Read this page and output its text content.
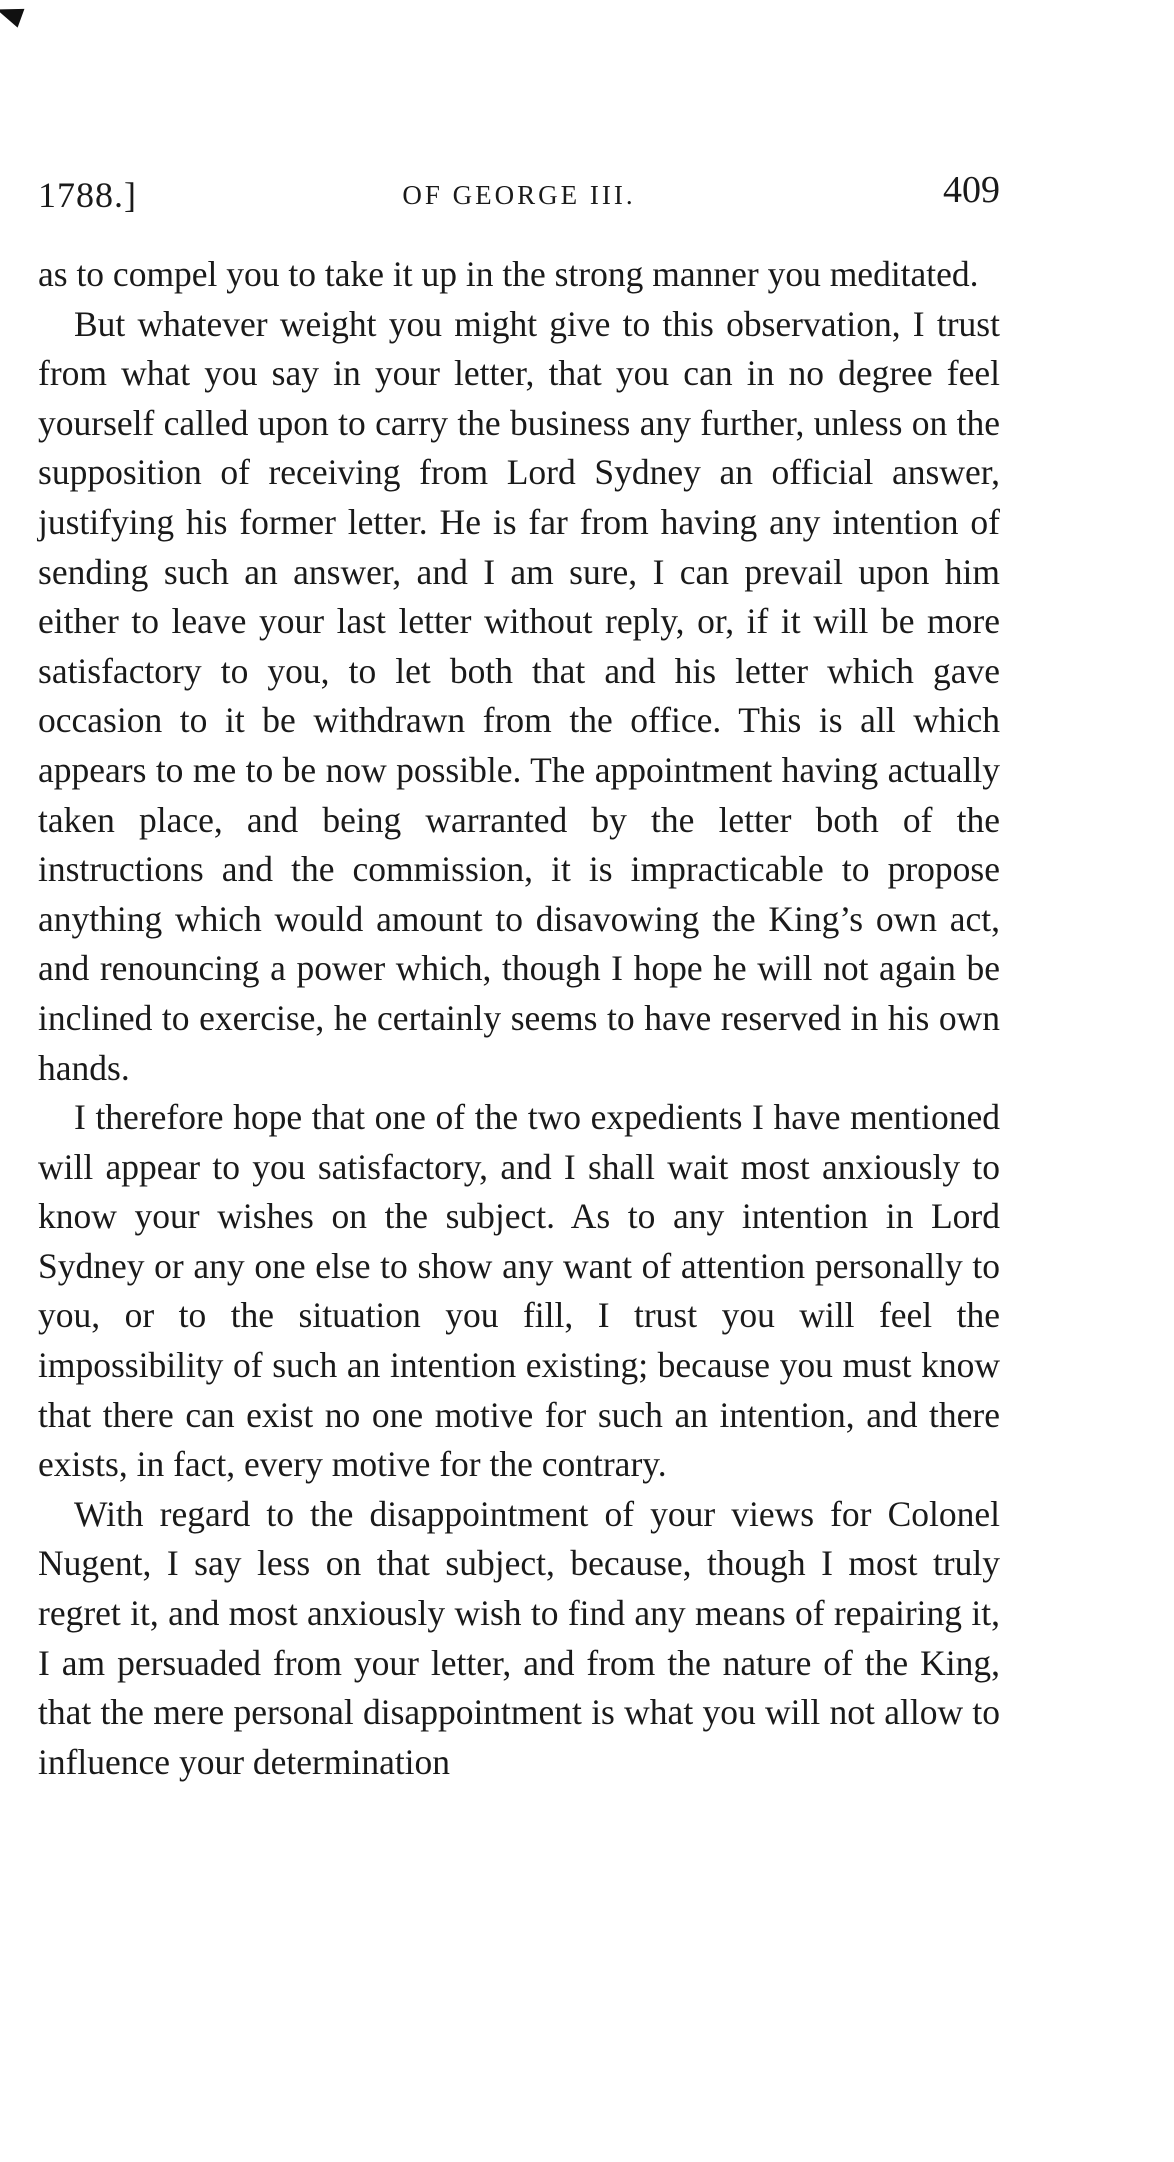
1788.]	OF GEORGE III.	409

as to compel you to take it up in the strong manner you meditated.

But whatever weight you might give to this observation, I trust from what you say in your letter, that you can in no degree feel yourself called upon to carry the business any further, unless on the supposition of receiving from Lord Sydney an official answer, justifying his former letter. He is far from having any intention of sending such an answer, and I am sure, I can prevail upon him either to leave your last letter without reply, or, if it will be more satisfactory to you, to let both that and his letter which gave occasion to it be withdrawn from the office. This is all which appears to me to be now possible. The appointment having actually taken place, and being warranted by the letter both of the instructions and the commission, it is impracticable to propose anything which would amount to disavowing the King’s own act, and renouncing a power which, though I hope he will not again be inclined to exercise, he certainly seems to have reserved in his own hands.

I therefore hope that one of the two expedients I have mentioned will appear to you satisfactory, and I shall wait most anxiously to know your wishes on the subject. As to any intention in Lord Sydney or any one else to show any want of attention personally to you, or to the situation you fill, I trust you will feel the impossibility of such an intention existing; because you must know that there can exist no one motive for such an intention, and there exists, in fact, every motive for the contrary.

With regard to the disappointment of your views for Colonel Nugent, I say less on that subject, because, though I most truly regret it, and most anxiously wish to find any means of repairing it, I am persuaded from your letter, and from the nature of the King, that the mere personal disappointment is what you will not allow to influence your determination
